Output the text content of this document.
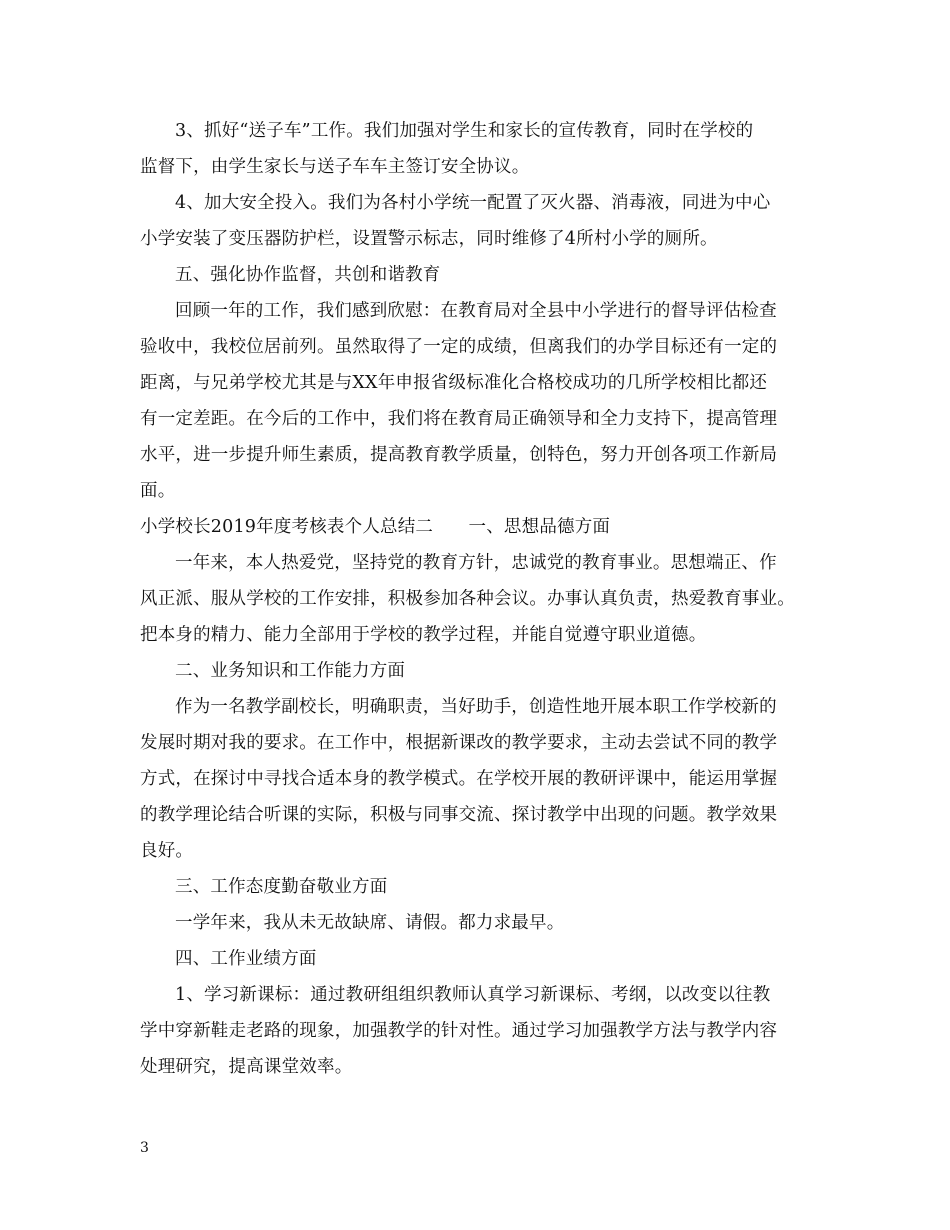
3、抓好“送子车”工作。我们加强对学生和家长的宣传教育，同时在学校的
监督下，由学生家长与送子车车主签订安全协议。
4、加大安全投入。我们为各村小学统一配置了灭火器、消毒液，同进为中心
小学安装了变压器防护栏，设置警示标志，同时维修了4所村小学的厕所。
五、强化协作监督，共创和谐教育
回顾一年的工作，我们感到欣慰：在教育局对全县中小学进行的督导评估检查
验收中，我校位居前列。虽然取得了一定的成绩，但离我们的办学目标还有一定的
距离，与兄弟学校尤其是与XX年申报省级标准化合格校成功的几所学校相比都还
有一定差距。在今后的工作中，我们将在教育局正确领导和全力支持下，提高管理
水平，进一步提升师生素质，提高教育教学质量，创特色，努力开创各项工作新局
面。
小学校长2019年度考核表个人总结二　　一、思想品德方面
一年来，本人热爱党，坚持党的教育方针，忠诚党的教育事业。思想端正、作
风正派、服从学校的工作安排，积极参加各种会议。办事认真负责，热爱教育事业。
把本身的精力、能力全部用于学校的教学过程，并能自觉遵守职业道德。
二、业务知识和工作能力方面
作为一名教学副校长，明确职责，当好助手，创造性地开展本职工作学校新的
发展时期对我的要求。在工作中，根据新课改的教学要求，主动去尝试不同的教学
方式，在探讨中寻找合适本身的教学模式。在学校开展的教研评课中，能运用掌握
的教学理论结合听课的实际，积极与同事交流、探讨教学中出现的问题。教学效果
良好。
三、工作态度勤奋敬业方面
一学年来，我从未无故缺席、请假。都力求最早。
四、工作业绩方面
1、学习新课标：通过教研组组织教师认真学习新课标、考纲，以改变以往教
学中穿新鞋走老路的现象，加强教学的针对性。通过学习加强教学方法与教学内容
处理研究，提高课堂效率。
3
